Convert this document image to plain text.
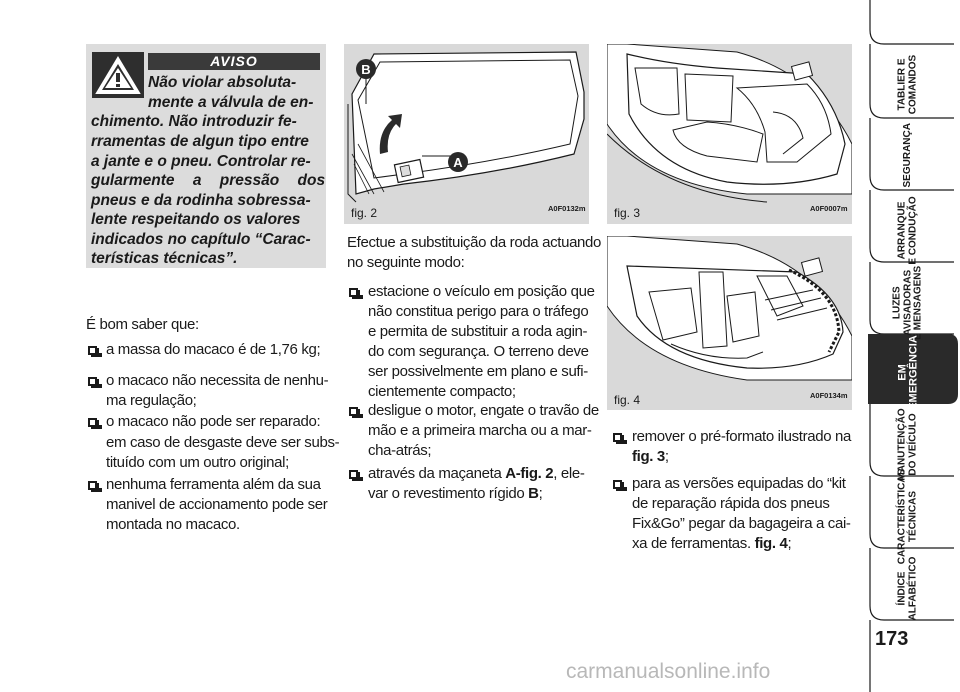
AVISO
Não violar absoluta-
mente a válvula de en-
chimento. Não introduzir fe-
rramentas de algun tipo entre
a jante e o pneu. Controlar re-
gularmente a pressão dos
pneus e da rodinha sobressa-
lente respeitando os valores
indicados no capítulo “Carac-
terísticas técnicas”.
É bom saber que:
a massa do macaco é de 1,76 kg;
o macaco não necessita de nenhu-
ma regulação;
o macaco não pode ser reparado:
em caso de desgaste deve ser subs-
tituído com um outro original;
nenhuma ferramenta além da sua
manivel de accionamento pode ser
montada no macaco.
B
A
fig. 2	A0F0132m fig. 3	A0F0007m
fig. 4	A0F0134m
Efectue a substituição da roda actuando
no seguinte modo:
estacione o veículo em posição que
não constitua perigo para o tráfego
e permita de substituir a roda agin-
do com segurança. O terreno deve
ser possivelmente em plano e sufi-
cientemente compacto;
desligue o motor, engate o travão de
mão e a primeira marcha ou a mar-
cha-atrás;
através da maçaneta A-fig. 2, ele-
var o revestimento rígido B;
remover o pré-formato ilustrado na
fig. 3;
para as versões equipadas do “kit
de reparação rápida dos pneus
Fix&Go” pegar da bagageira a cai-
xa de ferramentas. fig. 4;
TABLIER E
COMANDOS
SEGURANÇA
ARRANQUE
E CONDUÇÃO
LUZES
AVISADORAS
E MENSAGENS
EM
EMERGÊNCIA
MANUTENÇÃO
DO VEÍCULO
CARACTERÍSTICAS
TÉCNICAS
ÍNDICE
ALFABÉTICO
173
carmanualsonline.info
